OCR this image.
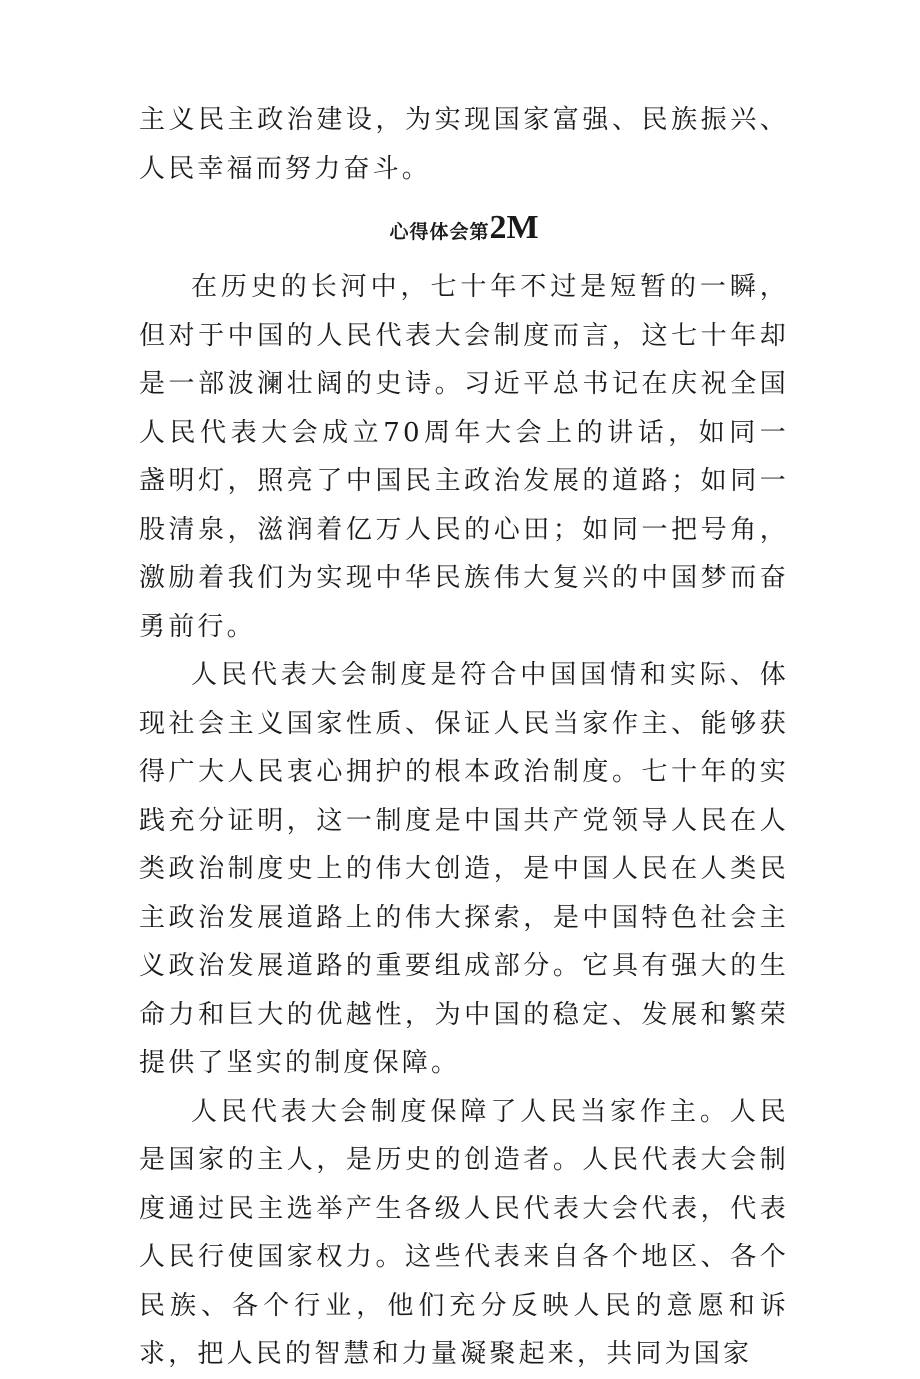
主义民主政治建设，为实现国家富强、民族振兴、人民幸福而努力奋斗。

心得体会第2M

在历史的长河中，七十年不过是短暂的一瞬，但对于中国的人民代表大会制度而言，这七十年却是一部波澜壮阔的史诗。习近平总书记在庆祝全国人民代表大会成立70周年大会上的讲话，如同一盏明灯，照亮了中国民主政治发展的道路；如同一股清泉，滋润着亿万人民的心田；如同一把号角，激励着我们为实现中华民族伟大复兴的中国梦而奋勇前行。

人民代表大会制度是符合中国国情和实际、体现社会主义国家性质、保证人民当家作主、能够获得广大人民衷心拥护的根本政治制度。七十年的实践充分证明，这一制度是中国共产党领导人民在人类政治制度史上的伟大创造，是中国人民在人类民主政治发展道路上的伟大探索，是中国特色社会主义政治发展道路的重要组成部分。它具有强大的生命力和巨大的优越性，为中国的稳定、发展和繁荣提供了坚实的制度保障。

人民代表大会制度保障了人民当家作主。人民是国家的主人，是历史的创造者。人民代表大会制度通过民主选举产生各级人民代表大会代表，代表人民行使国家权力。这些代表来自各个地区、各个民族、各个行业，他们充分反映人民的意愿和诉求，把人民的智慧和力量凝聚起来，共同为国家
